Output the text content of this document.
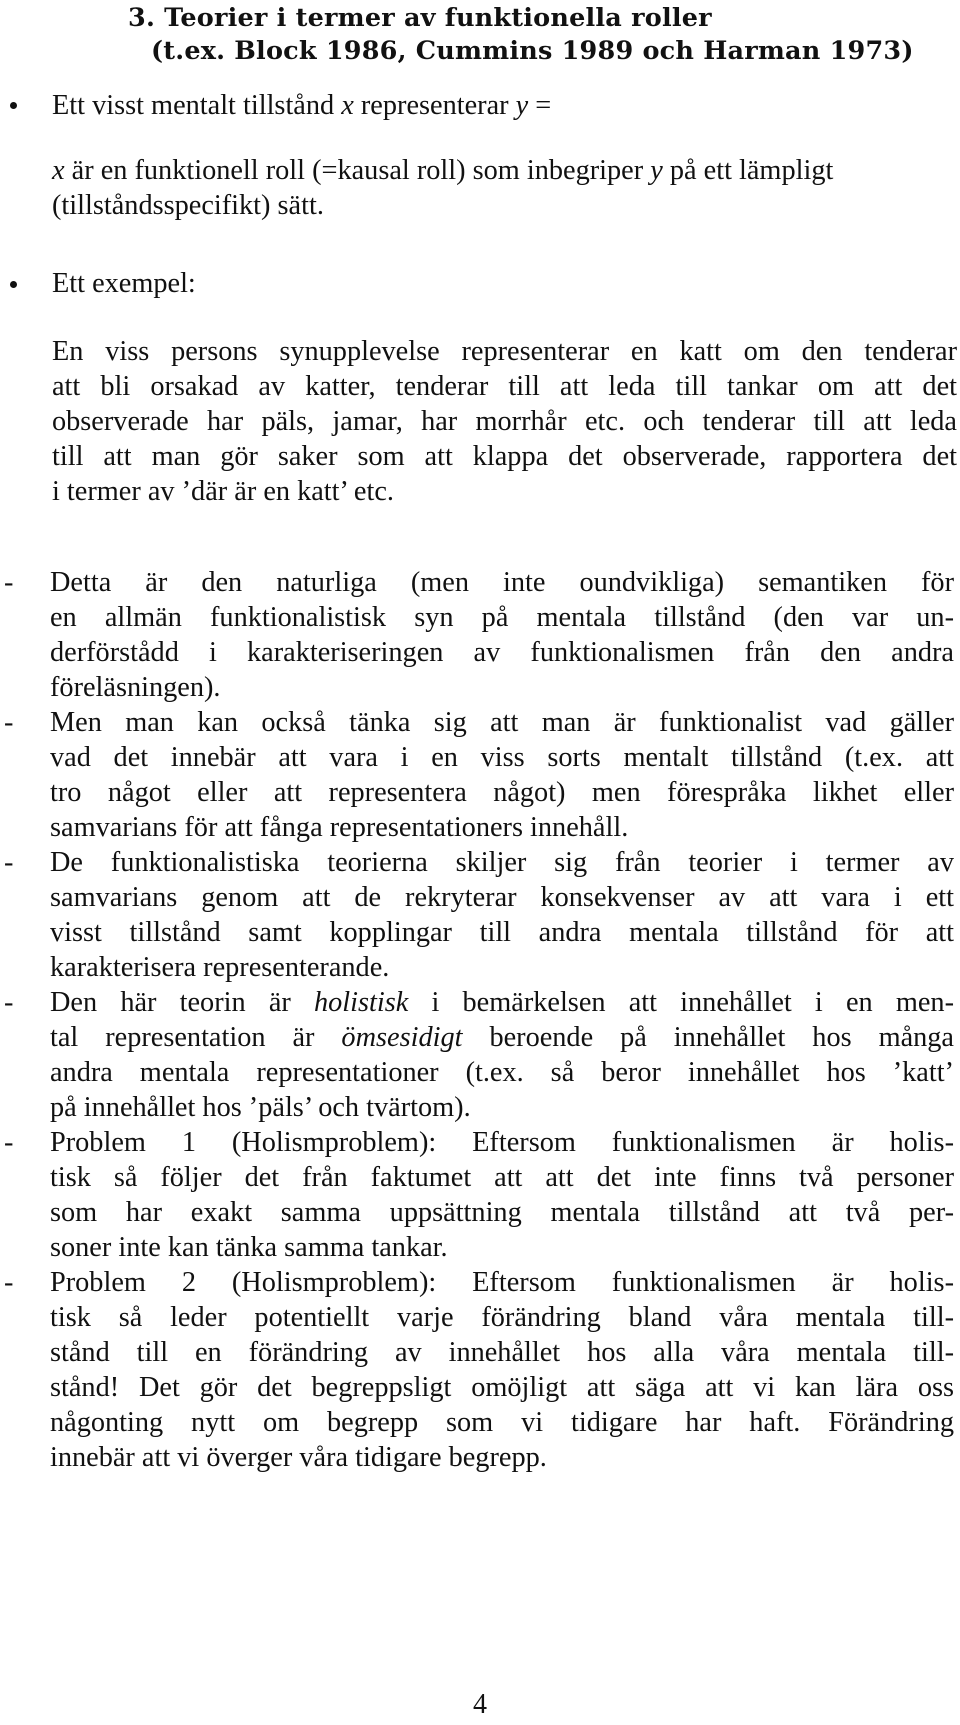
3. Teorier i termer av funktionella roller
(t.ex. Block 1986, Cummins 1989 och Harman 1973)
Ett visst mentalt tillstånd x representerar y =
x är en funktionell roll (=kausal roll) som inbegriper y på ett lämpligt
(tillståndsspecifikt) sätt.
Ett exempel:
En viss persons synupplevelse representerar en katt om den tenderar
att bli orsakad av katter, tenderar till att leda till tankar om att det
observerade har päls, jamar, har morrhår etc. och tenderar till att leda
till att man gör saker som att klappa det observerade, rapportera det
i termer av ’där är en katt’ etc.
- Detta är den naturliga (men inte oundvikliga) semantiken för
en allmän funktionalistisk syn på mentala tillstånd (den var un-
derförstådd i karakteriseringen av funktionalismen från den andra
föreläsningen).
- Men man kan också tänka sig att man är funktionalist vad gäller
vad det innebär att vara i en viss sorts mentalt tillstånd (t.ex. att
tro något eller att representera något) men förespråka likhet eller
samvarians för att fånga representationers innehåll.
- De funktionalistiska teorierna skiljer sig från teorier i termer av
samvarians genom att de rekryterar konsekvenser av att vara i ett
visst tillstånd samt kopplingar till andra mentala tillstånd för att
karakterisera representerande.
- Den här teorin är holistisk i bemärkelsen att innehållet i en men-
tal representation är ömsesidigt beroende på innehållet hos många
andra mentala representationer (t.ex. så beror innehållet hos ’katt’
på innehållet hos ’päls’ och tvärtom).
- Problem 1 (Holismproblem): Eftersom funktionalismen är holis-
tisk så följer det från faktumet att att det inte finns två personer
som har exakt samma uppsättning mentala tillstånd att två per-
soner inte kan tänka samma tankar.
- Problem 2 (Holismproblem): Eftersom funktionalismen är holis-
tisk så leder potentiellt varje förändring bland våra mentala till-
stånd till en förändring av innehållet hos alla våra mentala till-
stånd! Det gör det begreppsligt omöjligt att säga att vi kan lära oss
någonting nytt om begrepp som vi tidigare har haft. Förändring
innebär att vi överger våra tidigare begrepp.
4
